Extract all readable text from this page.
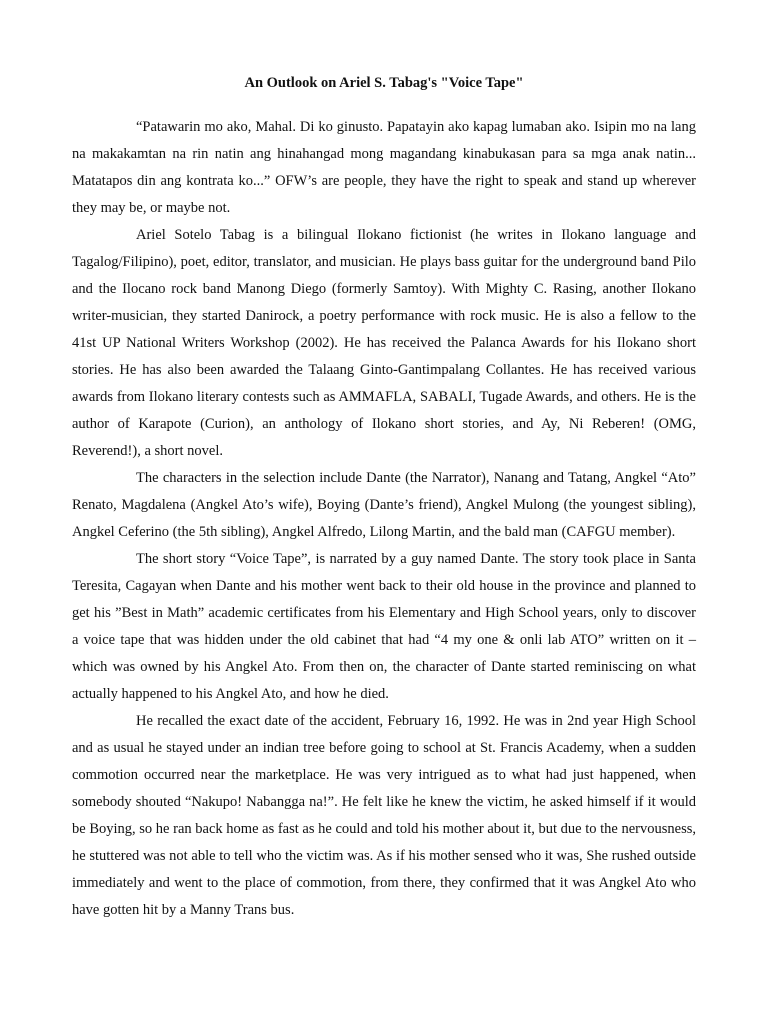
An Outlook on Ariel S. Tabag's "Voice Tape"

“Patawarin mo ako, Mahal. Di ko ginusto. Papatayin ako kapag lumaban ako. Isipin mo na lang na makakamtan na rin natin ang hinahangad mong magandang kinabukasan para sa mga anak natin... Matatapos din ang kontrata ko...” OFW’s are people, they have the right to speak and stand up wherever they may be, or maybe not.

Ariel Sotelo Tabag is a bilingual Ilokano fictionist (he writes in Ilokano language and Tagalog/Filipino), poet, editor, translator, and musician. He plays bass guitar for the underground band Pilo and the Ilocano rock band Manong Diego (formerly Samtoy). With Mighty C. Rasing, another Ilokano writer-musician, they started Danirock, a poetry performance with rock music. He is also a fellow to the 41st UP National Writers Workshop (2002). He has received the Palanca Awards for his Ilokano short stories. He has also been awarded the Talaang Ginto-Gantimpalang Collantes. He has received various awards from Ilokano literary contests such as AMMAFLA, SABALI, Tugade Awards, and others. He is the author of Karapote (Curion), an anthology of Ilokano short stories, and Ay, Ni Reberen! (OMG, Reverend!), a short novel.

The characters in the selection include Dante (the Narrator), Nanang and Tatang, Angkel “Ato” Renato, Magdalena (Angkel Ato’s wife), Boying (Dante’s friend), Angkel Mulong (the youngest sibling), Angkel Ceferino (the 5th sibling), Angkel Alfredo, Lilong Martin, and the bald man (CAFGU member).

The short story “Voice Tape”, is narrated by a guy named Dante. The story took place in Santa Teresita, Cagayan when Dante and his mother went back to their old house in the province and planned to get his ”Best in Math” academic certificates from his Elementary and High School years, only to discover a voice tape that was hidden under the old cabinet that had “4 my one & onli lab ATO” written on it – which was owned by his Angkel Ato. From then on, the character of Dante started reminiscing on what actually happened to his Angkel Ato, and how he died.

He recalled the exact date of the accident, February 16, 1992. He was in 2nd year High School and as usual he stayed under an indian tree before going to school at St. Francis Academy, when a sudden commotion occurred near the marketplace. He was very intrigued as to what had just happened, when somebody shouted “Nakupo! Nabangga na!”. He felt like he knew the victim, he asked himself if it would be Boying, so he ran back home as fast as he could and told his mother about it, but due to the nervousness, he stuttered was not able to tell who the victim was. As if his mother sensed who it was, She rushed outside immediately and went to the place of commotion, from there, they confirmed that it was Angkel Ato who have gotten hit by a Manny Trans bus.
